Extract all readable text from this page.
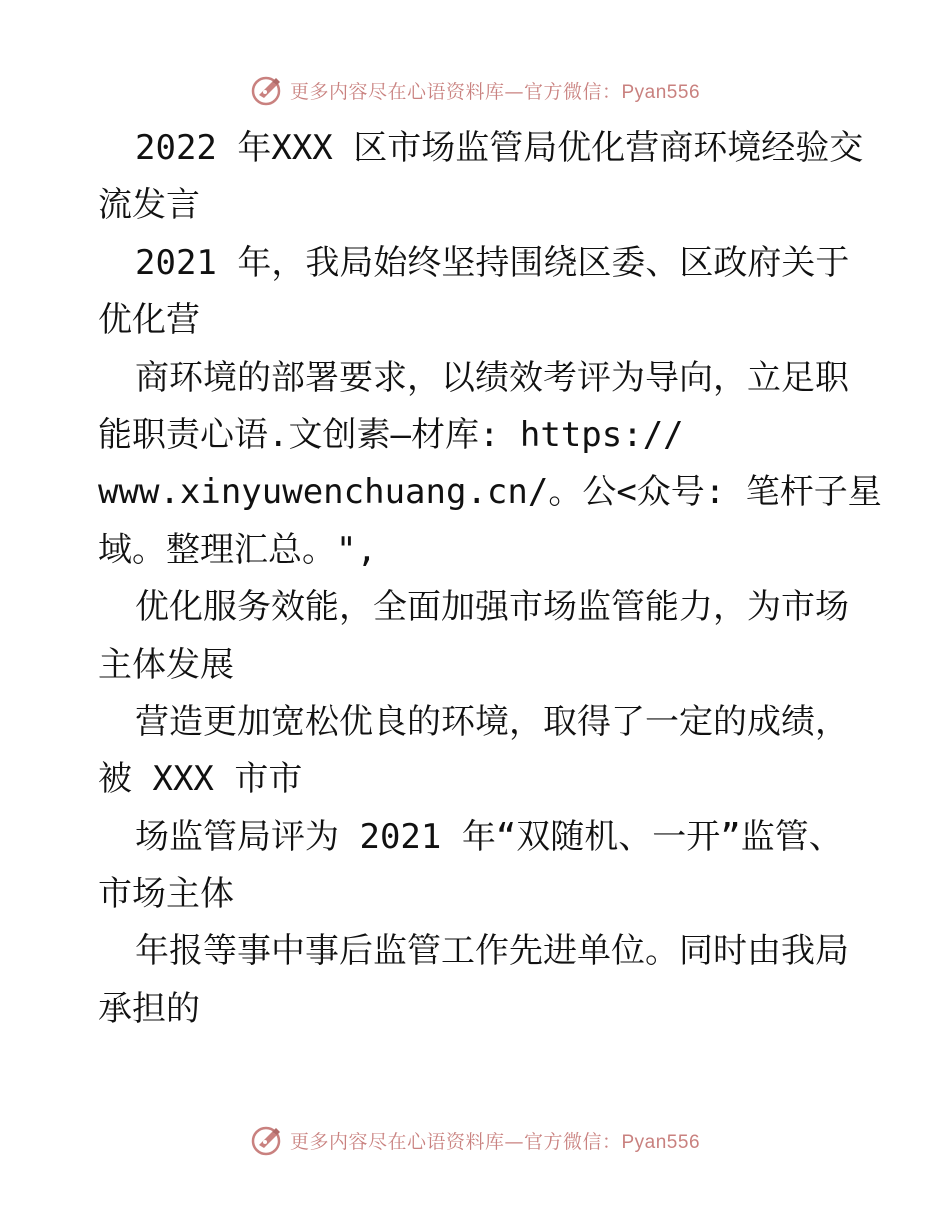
更多内容尽在心语资料库—官方微信：Pyan556
2022 年XXX 区市场监管局优化营商环境经验交
流发言
2021 年，我局始终坚持围绕区委、区政府关于
优化营
商环境的部署要求，以绩效考评为导向，立足职
能职责心语.文创素—材库: https://
www.xinyuwenchuang.cn/。公<众号: 笔杆子星
域。整理汇总。",
优化服务效能，全面加强市场监管能力，为市场
主体发展
营造更加宽松优良的环境，取得了一定的成绩，
被 XXX 市市
场监管局评为 2021 年“双随机、一开”监管、
市场主体
年报等事中事后监管工作先进单位。同时由我局
承担的
更多内容尽在心语资料库—官方微信：Pyan556
